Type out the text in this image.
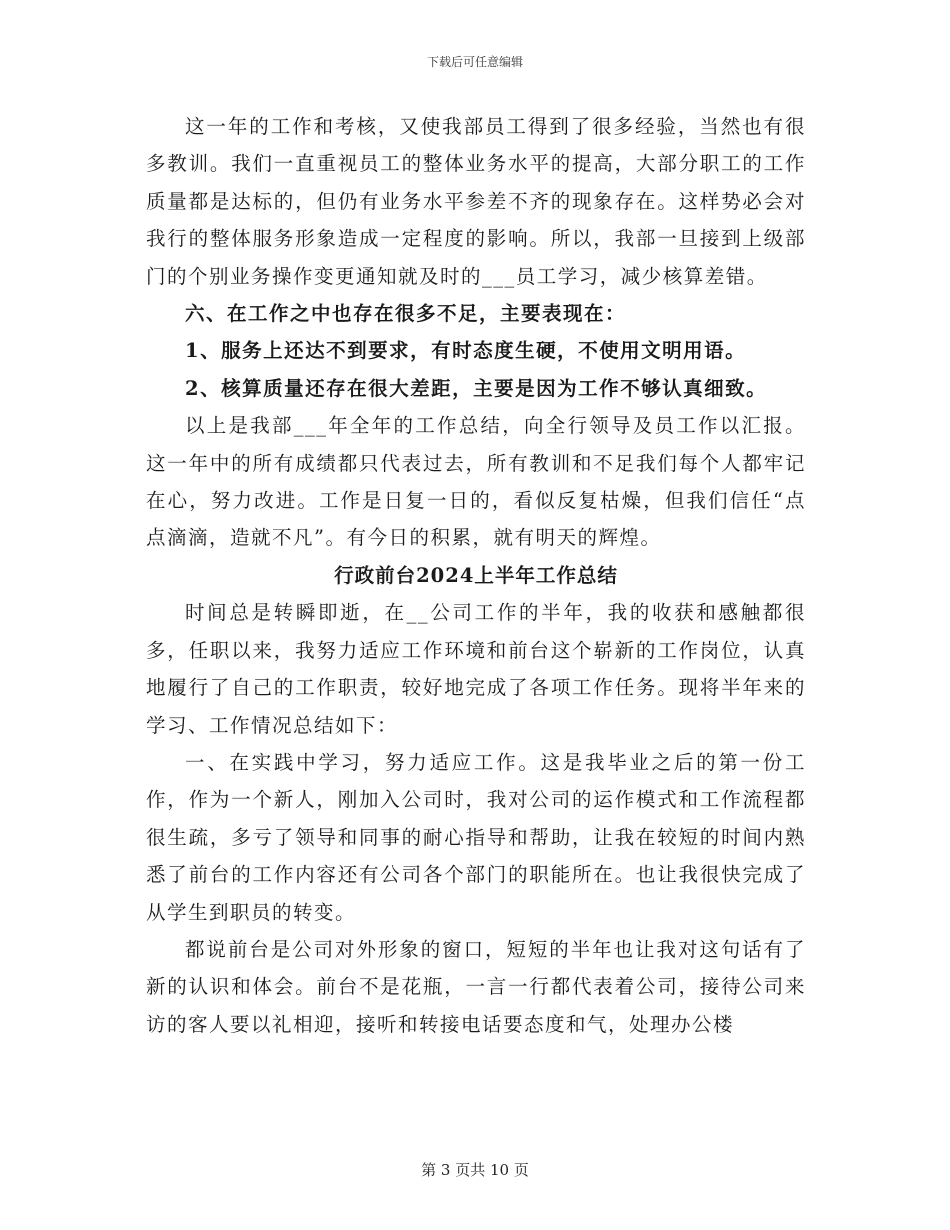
下载后可任意编辑

这一年的工作和考核，又使我部员工得到了很多经验，当然也有很多教训。我们一直重视员工的整体业务水平的提高，大部分职工的工作质量都是达标的，但仍有业务水平参差不齐的现象存在。这样势必会对我行的整体服务形象造成一定程度的影响。所以，我部一旦接到上级部门的个别业务操作变更通知就及时的___员工学习，减少核算差错。

六、在工作之中也存在很多不足，主要表现在：

1、服务上还达不到要求，有时态度生硬，不使用文明用语。

2、核算质量还存在很大差距，主要是因为工作不够认真细致。

以上是我部___年全年的工作总结，向全行领导及员工作以汇报。这一年中的所有成绩都只代表过去，所有教训和不足我们每个人都牢记在心，努力改进。工作是日复一日的，看似反复枯燥，但我们信任“点点滴滴，造就不凡”。有今日的积累，就有明天的辉煌。

行政前台2024上半年工作总结

时间总是转瞬即逝，在__公司工作的半年，我的收获和感触都很多，任职以来，我努力适应工作环境和前台这个崭新的工作岗位，认真地履行了自己的工作职责，较好地完成了各项工作任务。现将半年来的学习、工作情况总结如下：

一、在实践中学习，努力适应工作。这是我毕业之后的第一份工作，作为一个新人，刚加入公司时，我对公司的运作模式和工作流程都很生疏，多亏了领导和同事的耐心指导和帮助，让我在较短的时间内熟悉了前台的工作内容还有公司各个部门的职能所在。也让我很快完成了从学生到职员的转变。

都说前台是公司对外形象的窗口，短短的半年也让我对这句话有了新的认识和体会。前台不是花瓶，一言一行都代表着公司，接待公司来访的客人要以礼相迎，接听和转接电话要态度和气，处理办公楼

第 3 页共 10 页
